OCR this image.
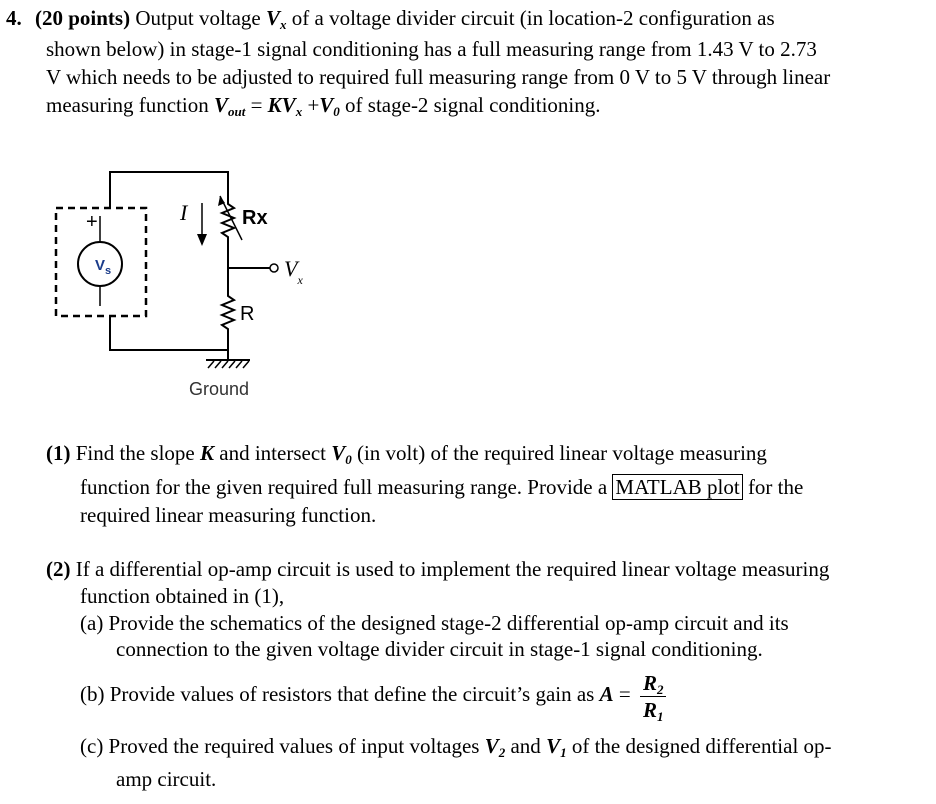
4. (20 points) Output voltage $V_x$ of a voltage divider circuit (in location-2 configuration as
shown below) in stage-1 signal conditioning has a full measuring range from 1.43 V to 2.73
V which needs to be adjusted to required full measuring range from 0 V to 5 V through linear
measuring function $V_{out} = KV_x +V_0$ of stage-2 signal conditioning.
+
$V_s$
I	Rx
$V_x$
R
Ground
(1) Find the slope K and intersect $V_0$ (in volt) of the required linear voltage measuring
function for the given required full measuring range. Provide a MATLAB plot for the
required linear measuring function.
(2) If a differential op-amp circuit is used to implement the required linear voltage measuring
function obtained in (1),
(a) Provide the schematics of the designed stage-2 differential op-amp circuit and its
connection to the given voltage divider circuit in stage-1 signal conditioning.
(b) Provide values of resistors that define the circuit’s gain as $A = \frac{R_2}{R_1}$
(c) Proved the required values of input voltages $V_2$ and $V_1$ of the designed differential op-
amp circuit.
